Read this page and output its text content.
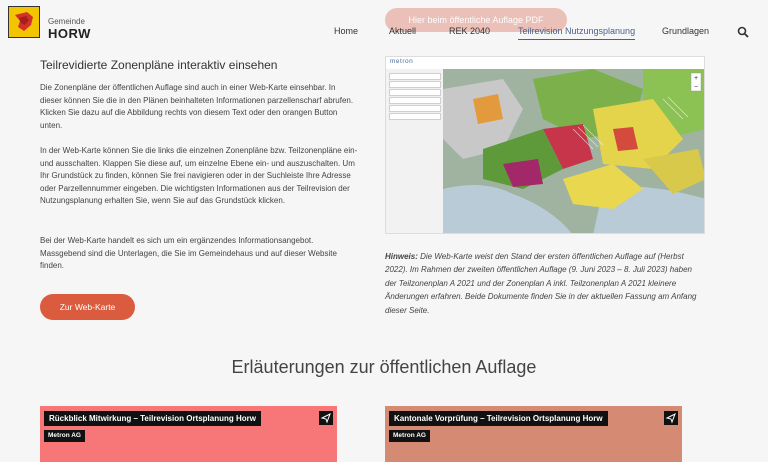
Gemeinde
HORW
Hier beim öffentliche Auflage PDF
Home	Aktuell	REK 2040	Teilrevision Nutzungsplanung	Grundlagen
Teilrevidierte Zonenpläne interaktiv einsehen

Die Zonenpläne der öffentlichen Auflage sind auch in einer Web-Karte einsehbar. In dieser können Sie die in den Plänen beinhalteten Informationen parzellenscharf abrufen. Klicken Sie dazu auf die Abbildung rechts von diesem Text oder den orangen Button unten.

In der Web-Karte können Sie die links die einzelnen Zonenpläne bzw. Teilzonenpläne ein- und ausschalten. Klappen Sie diese auf, um einzelne Ebene ein- und auszuschalten. Um Ihr Grundstück zu finden, können Sie frei navigieren oder in der Suchleiste Ihre Adresse oder Parzellennummer eingeben. Die wichtigsten Informationen aus der Teilrevision der Nutzungsplanung erhalten Sie, wenn Sie auf das Grundstück klicken.

Bei der Web-Karte handelt es sich um ein ergänzendes Informationsangebot. Massgebend sind die Unterlagen, die Sie im Gemeindehaus und auf dieser Website finden.

Zur Web-Karte
metron
+
−

Hinweis: Die Web-Karte weist den Stand der ersten öffentlichen Auflage auf (Herbst 2022). Im Rahmen der zweiten öffentlichen Auflage (9. Juni 2023 – 8. Juli 2023) haben der Teilzonenplan A 2021 und der Zonenplan A inkl. Teilzonenplan A 2021 kleinere Änderungen erfahren. Beide Dokumente finden Sie in der aktuellen Fassung am Anfang dieser Seite.

Erläuterungen zur öffentlichen Auflage
Rückblick Mitwirkung – Teilrevision Ortsplanung Horw
Metron AG
Kantonale Vorprüfung – Teilrevision Ortsplanung Horw
Metron AG
